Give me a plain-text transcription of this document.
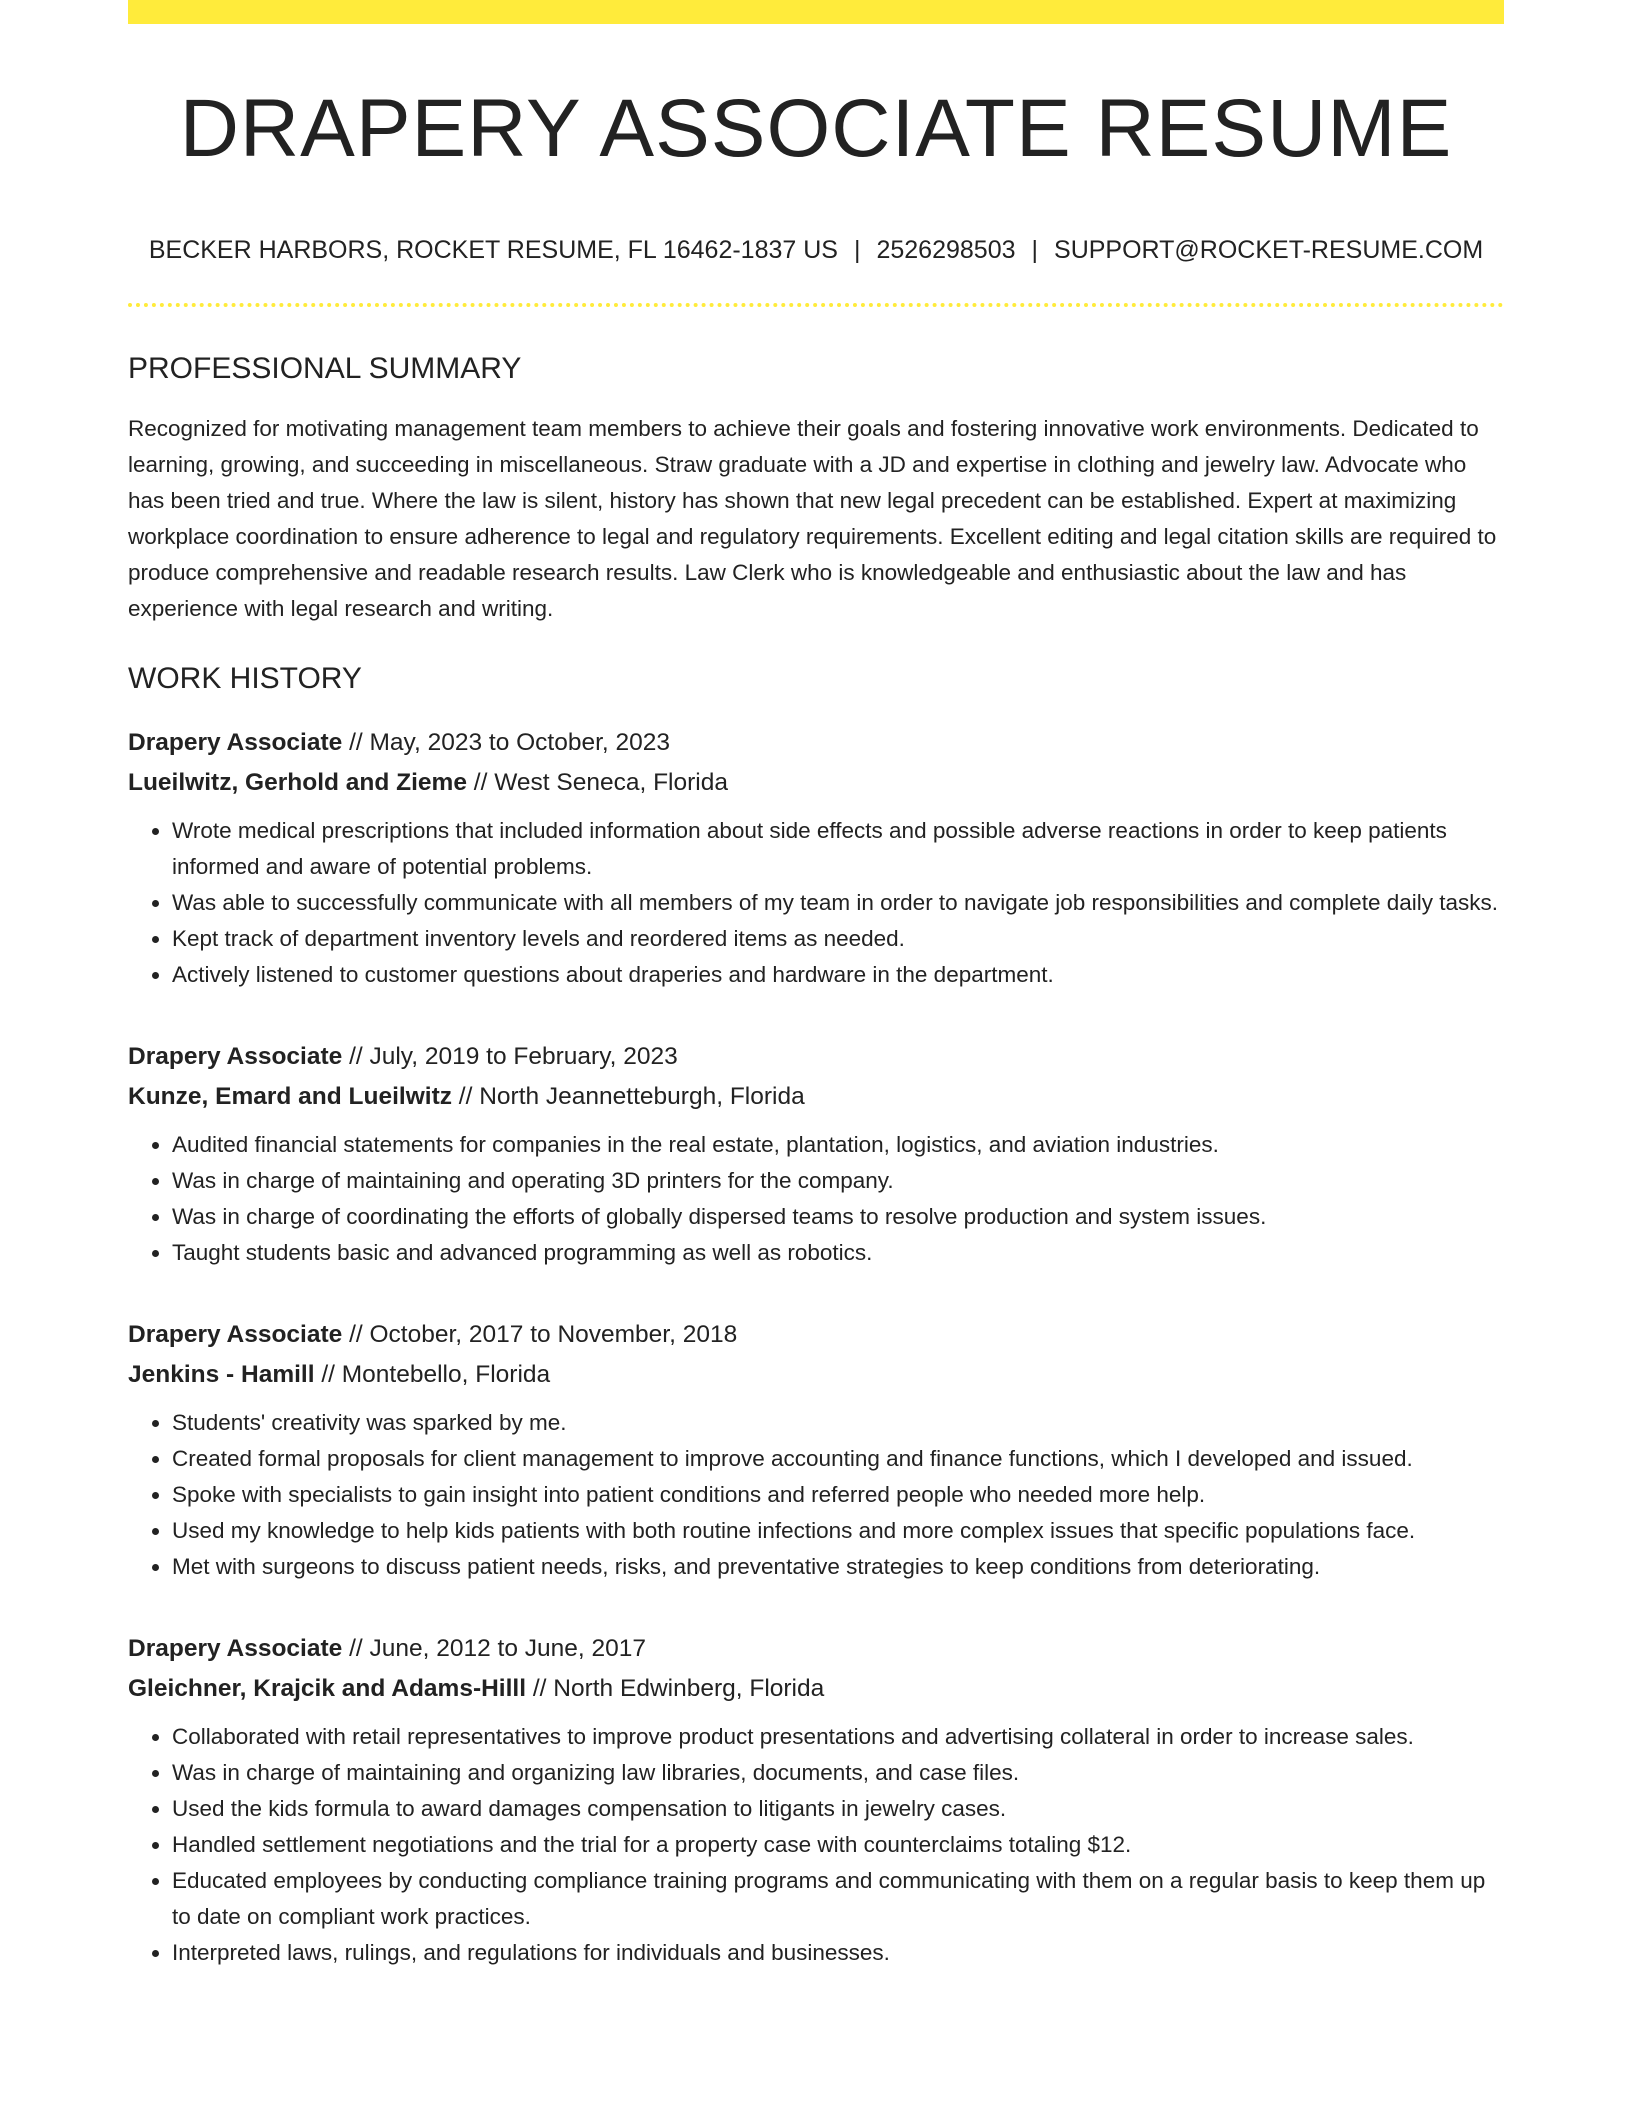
DRAPERY ASSOCIATE RESUME
BECKER HARBORS, ROCKET RESUME, FL 16462-1837 US | 2526298503 | SUPPORT@ROCKET-RESUME.COM
PROFESSIONAL SUMMARY

Recognized for motivating management team members to achieve their goals and fostering innovative work environments. Dedicated to learning, growing, and succeeding in miscellaneous. Straw graduate with a JD and expertise in clothing and jewelry law. Advocate who has been tried and true. Where the law is silent, history has shown that new legal precedent can be established. Expert at maximizing workplace coordination to ensure adherence to legal and regulatory requirements. Excellent editing and legal citation skills are required to produce comprehensive and readable research results. Law Clerk who is knowledgeable and enthusiastic about the law and has experience with legal research and writing.

WORK HISTORY
Drapery Associate // May, 2023 to October, 2023
Lueilwitz, Gerhold and Zieme // West Seneca, Florida
• Wrote medical prescriptions that included information about side effects and possible adverse reactions in order to keep patients informed and aware of potential problems.
• Was able to successfully communicate with all members of my team in order to navigate job responsibilities and complete daily tasks.
• Kept track of department inventory levels and reordered items as needed.
• Actively listened to customer questions about draperies and hardware in the department.
Drapery Associate // July, 2019 to February, 2023
Kunze, Emard and Lueilwitz // North Jeannetteburgh, Florida
• Audited financial statements for companies in the real estate, plantation, logistics, and aviation industries.
• Was in charge of maintaining and operating 3D printers for the company.
• Was in charge of coordinating the efforts of globally dispersed teams to resolve production and system issues.
• Taught students basic and advanced programming as well as robotics.
Drapery Associate // October, 2017 to November, 2018
Jenkins - Hamill // Montebello, Florida
• Students' creativity was sparked by me.
• Created formal proposals for client management to improve accounting and finance functions, which I developed and issued.
• Spoke with specialists to gain insight into patient conditions and referred people who needed more help.
• Used my knowledge to help kids patients with both routine infections and more complex issues that specific populations face.
• Met with surgeons to discuss patient needs, risks, and preventative strategies to keep conditions from deteriorating.
Drapery Associate // June, 2012 to June, 2017
Gleichner, Krajcik and Adams-Hilll // North Edwinberg, Florida
• Collaborated with retail representatives to improve product presentations and advertising collateral in order to increase sales.
• Was in charge of maintaining and organizing law libraries, documents, and case files.
• Used the kids formula to award damages compensation to litigants in jewelry cases.
• Handled settlement negotiations and the trial for a property case with counterclaims totaling $12.
• Educated employees by conducting compliance training programs and communicating with them on a regular basis to keep them up to date on compliant work practices.
• Interpreted laws, rulings, and regulations for individuals and businesses.
